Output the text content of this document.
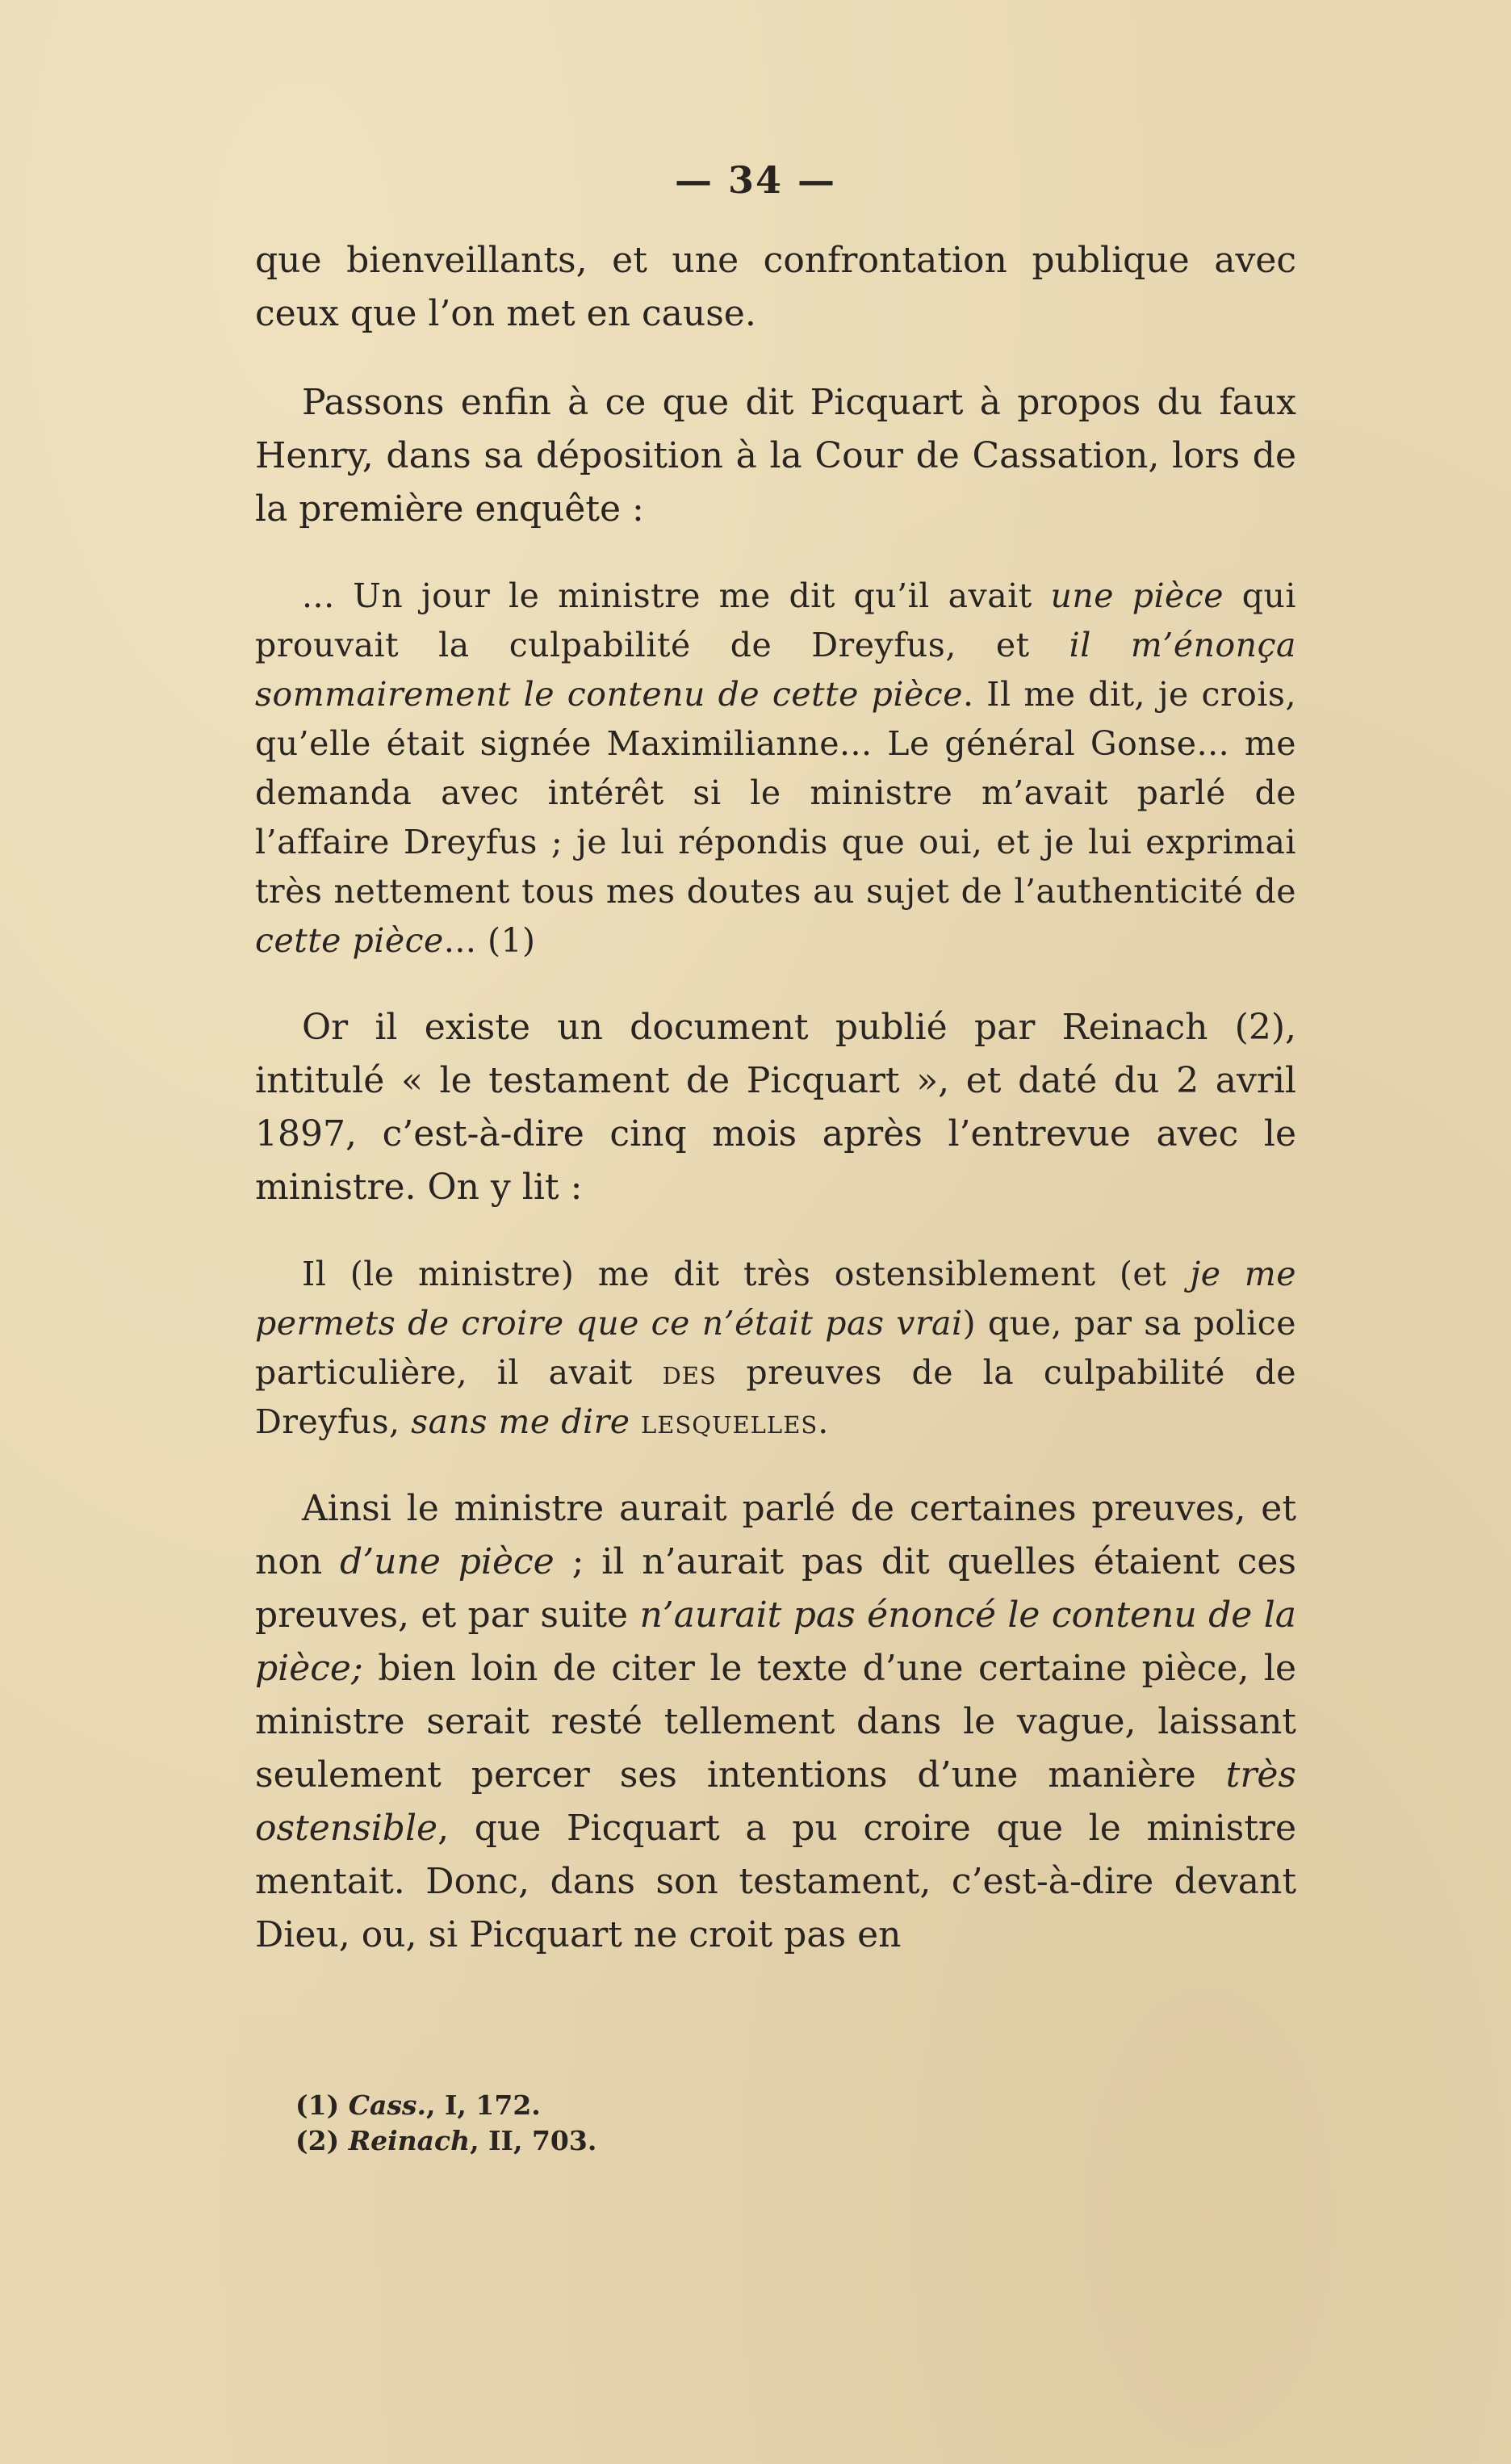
— 34 —

que bienveillants, et une confrontation publique avec ceux que l’on met en cause.

Passons enfin à ce que dit Picquart à propos du faux Henry, dans sa déposition à la Cour de Cassation, lors de la première enquête :

... Un jour le ministre me dit qu’il avait une pièce qui prouvait la culpabilité de Dreyfus, et il m’énonça sommairement le contenu de cette pièce. Il me dit, je crois, qu’elle était signée Maximilianne... Le général Gonse... me demanda avec intérêt si le ministre m’avait parlé de l’affaire Dreyfus ; je lui répondis que oui, et je lui exprimai très nettement tous mes doutes au sujet de l’authenticité de cette pièce... (1)

Or il existe un document publié par Reinach (2), intitulé « le testament de Picquart », et daté du 2 avril 1897, c’est-à-dire cinq mois après l’entrevue avec le ministre. On y lit :

Il (le ministre) me dit très ostensiblement (et je me permets de croire que ce n’était pas vrai) que, par sa police particulière, il avait des preuves de la culpabilité de Dreyfus, sans me dire lesquelles.

Ainsi le ministre aurait parlé de certaines preuves, et non d’une pièce ; il n’aurait pas dit quelles étaient ces preuves, et par suite n’aurait pas énoncé le contenu de la pièce; bien loin de citer le texte d’une certaine pièce, le ministre serait resté tellement dans le vague, laissant seulement percer ses intentions d’une manière très ostensible, que Picquart a pu croire que le ministre mentait. Donc, dans son testament, c’est-à-dire devant Dieu, ou, si Picquart ne croit pas en

(1) Cass., I, 172.
(2) Reinach, II, 703.
